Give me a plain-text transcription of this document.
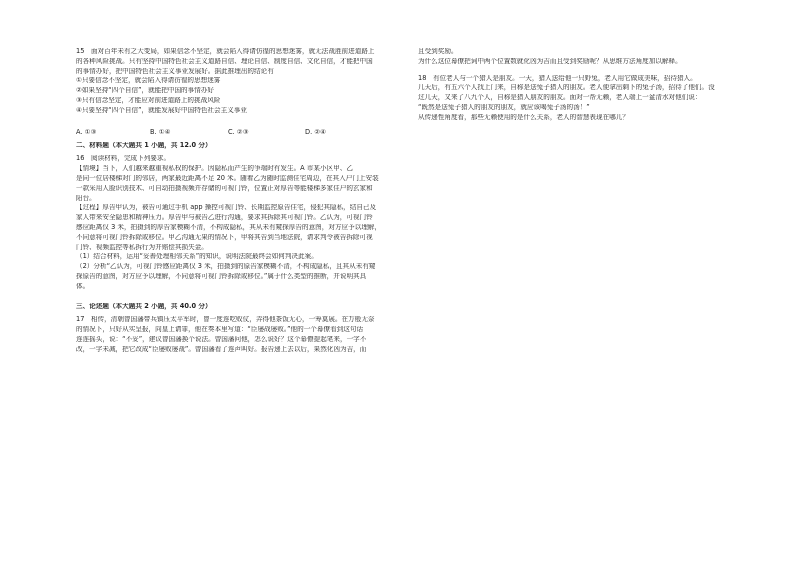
15　面对百年未有之大变局，如果信念不坚定，就会陷入得请仿徨的思想迷雾，就无法战胜前进道路上

的各种风险挑战。只有坚持中国特色社会主义道路自信、理论自信、制度自信、文化自信，才能把中国

的事情办好，把中国特色社会主义事业发展好。据此推理出的结论有

①只要信念不坚定，就会陷入得请彷徨的思想迷雾

②如果坚持“四个自信”，就能把中国的事情办好

③只有信念坚定，才能应对前进道路上的挑战风险

④只要坚持“四个自信”，就能发展好中国特色社会主义事业

A. ①③	B. ①④	C. ②③	D. ②④

二、材料题（本大题共 1 小题，共 12.0 分）

16　阅读材料，完成下列要求。

【情境】当下，人们越来越重视私权的保护。因隐私而产生的争端时有发生。A 市某小区甲、乙

是同一位居楼梯对门的邻居，两家最近距离不足 20 米。随着乙为随时监测住宅周边，在其入户门上安装

一款采用人脸识别技术、可自动拍摄视频并存储的可视门铃，位置正对厚告等能楼梯多家住户的玄家和

阳台。

【过程】厚告甲认为，被告可通过手机 app 操控可视门铃、长期监控原告住宅，侵犯其隐私，结自己及

家人带来安全隐患和精神压力。厚告甲与被告乙进行沟通，要求其拆除其可视门铃。乙认为，可视门铃

感应距离仅 3 米，拍摄到的厚告家模糊不清，不构成隐私，其从未有窥探厚告的意图，对方应予以理解，

不同意将可视门铃拆除或移位。甲乙沟通无果的情况下，甲将其告到当地法院，请求判令被告拆除可视

门铃、视频监控等私拆行为并赔偿其损失金。

（1）结合材料，运用“妥善处理相邻关系”的知识，说明法院最终会如何判决此案。

（2）分析“乙认为，可视门铃感应距离仅 3 米，拍摄到的原告家模糊不清，不构成隐私，且其从未有窥

探原告的意图，对方应予以理解，不同意将可视门铃拆除或移位。”属于什么类型的推断，并说明其具

体。

三、论述题（本大题共 2 小题，共 40.0 分）

17　相传，清朝曾国藩带兵镇压太平军时，曾一度连吃败仗，弄得他茶饭无心，一筹莫展。在万般无奈

的情况下，只好从实呈报，向皇上请罪，他在奏本里写道：“臣屡战屡败。”他的一个幕僚看到这句话

连连摇头，说：“不妥”，建议曾国藩换个说法。曾国藩问他，怎么说好？这个幕僚提起笔来，一字不

改，一字未减，把它改成“臣屡败屡战”。曾国藩看了连声叫好。报告递上去以后，果然化凶为吉，而

且受到奖励。

为什么这位幕僚把词中两个位置数就化凶为吉而且受到奖励呢？从思维方法角度加以解释。

18　有位老人与一个猎人是朋友。一天，猎人送给他一只野兔，老人用它做成美味，招待猎人。

几天后，有五六个人找上门来，自称是送兔子猎人的朋友。老人便拿出剩下的兔子汤，招待了他们。没

过几天，又来了八九个人，自称是猎人朋友的朋友。面对一帮无赖，老人端上一盆清水对他们说：

“既然是送兔子猎人的朋友的朋友，就应该喝兔子汤的汤！”

从传递性角度看，那些无赖使用的是什么关系，老人的智慧表现在哪儿？
